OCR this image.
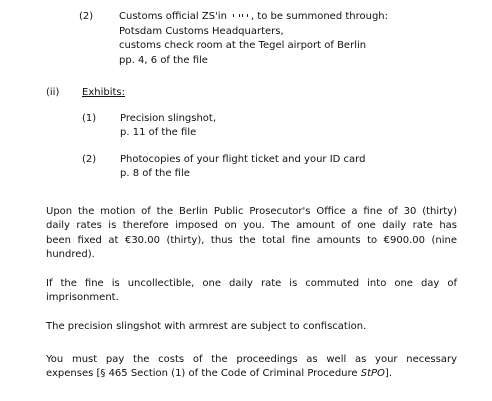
(2)	Customs official ZS'in , to be summoned through:
Potsdam Customs Headquarters,
customs check room at the Tegel airport of Berlin
pp. 4, 6 of the file
(ii) Exhibits:
(1) Precision slingshot,
p. 11 of the file
(2) Photocopies of your flight ticket and your ID card
p. 8 of the file
Upon the motion of the Berlin Public Prosecutor's Office a fine of 30 (thirty)
daily rates is therefore imposed on you. The amount of one daily rate has
been fixed at €30.00 (thirty), thus the total fine amounts to €900.00 (nine
hundred).
If the fine is uncollectible, one daily rate is commuted into one day of
imprisonment.
The precision slingshot with armrest are subject to confiscation.
You must pay the costs of the proceedings as well as your necessary
expenses [§ 465 Section (1) of the Code of Criminal Procedure StPO].
